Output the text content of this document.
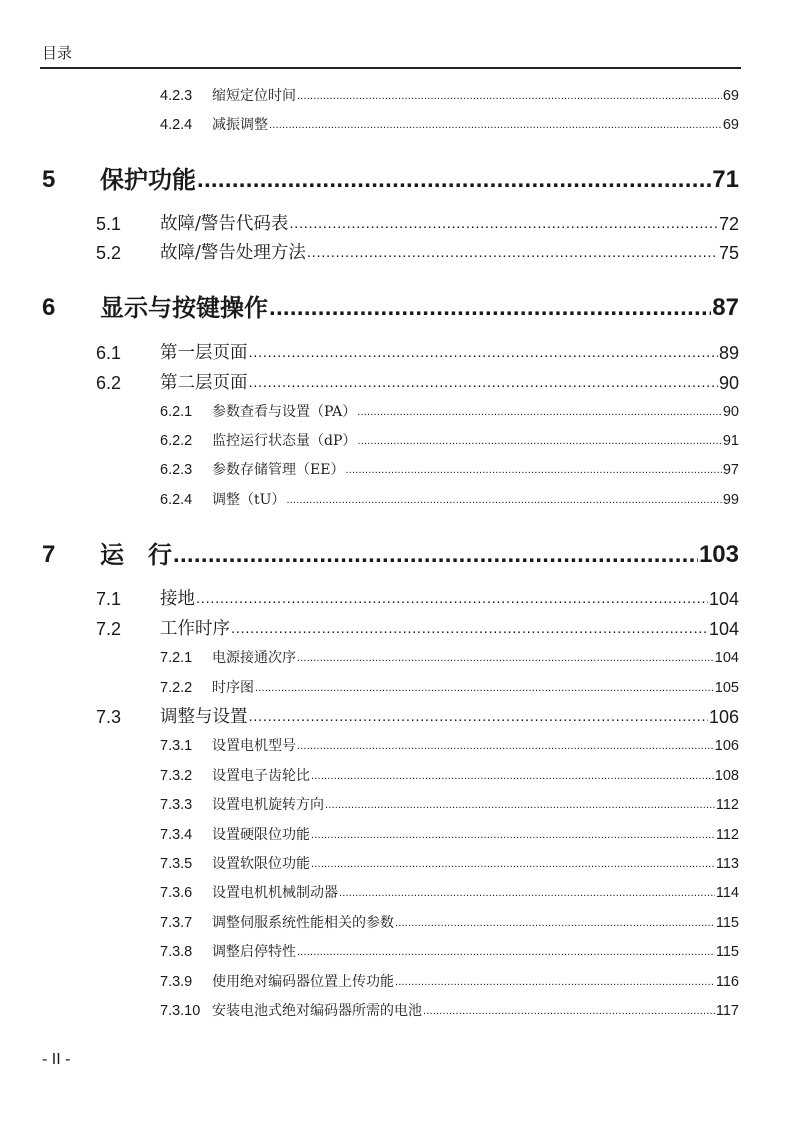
目录
4.2.3	缩短定位时间 .....	69
4.2.4	减振调整 .....	69
5	保护功能 .....	71
5.1	故障/警告代码表 .....	72
5.2	故障/警告处理方法 .....	75
6	显示与按键操作 .....	87
6.1	第一层页面 .....	89
6.2	第二层页面 .....	90
6.2.1	参数查看与设置（PA） .....	90
6.2.2	监控运行状态量（dP） .....	91
6.2.3	参数存储管理（EE） .....	97
6.2.4	调整（tU） .....	99
7	运　行 .....	103
7.1	接地 .....	104
7.2	工作时序 .....	104
7.2.1	电源接通次序 .....	104
7.2.2	时序图 .....	105
7.3	调整与设置 .....	106
7.3.1	设置电机型号 .....	106
7.3.2	设置电子齿轮比 .....	108
7.3.3	设置电机旋转方向 .....	112
7.3.4	设置硬限位功能 .....	112
7.3.5	设置软限位功能 .....	113
7.3.6	设置电机机械制动器 .....	114
7.3.7	调整伺服系统性能相关的参数 .....	115
7.3.8	调整启停特性 .....	115
7.3.9	使用绝对编码器位置上传功能 .....	116
7.3.10 安装电池式绝对编码器所需的电池 .....	117
- II -
